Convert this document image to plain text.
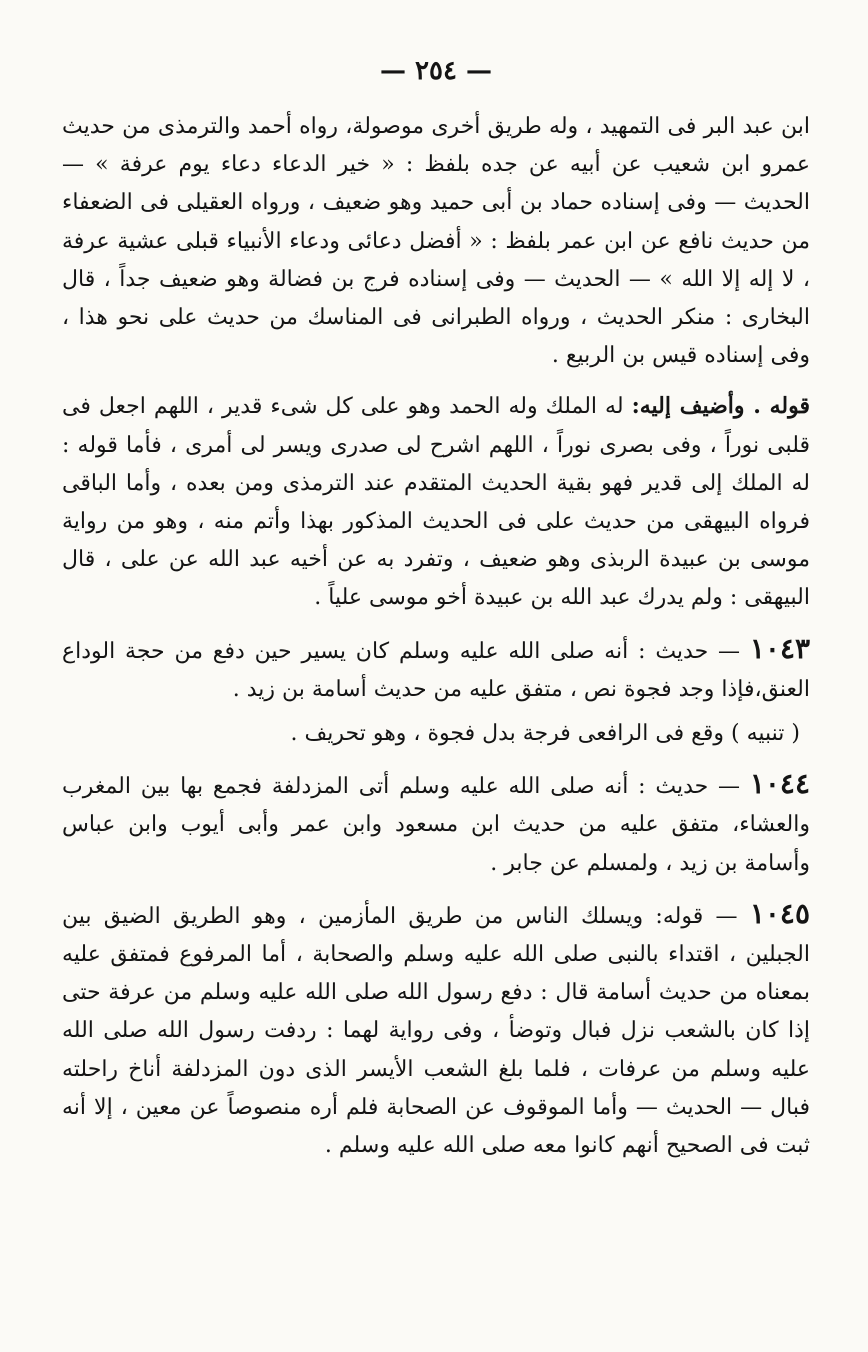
— ٢٥٤ —

ابن عبد البر فى التمهيد ، وله طريق أخرى موصولة، رواه أحمد والترمذى من حديث عمرو ابن شعيب عن أبيه عن جده بلفظ : « خير الدعاء دعاء يوم عرفة » — الحديث — وفى إسناده حماد بن أبى حميد وهو ضعيف ، ورواه العقيلى فى الضعفاء من حديث نافع عن ابن عمر بلفظ : « أفضل دعائى ودعاء الأنبياء قبلى عشية عرفة ، لا إله إلا الله » — الحديث — وفى إسناده فرج بن فضالة وهو ضعيف جداً ، قال البخارى : منكر الحديث ، ورواه الطبرانى فى المناسك من حديث على نحو هذا ، وفى إسناده قيس بن الربيع .

قوله . وأضيف إليه: له الملك وله الحمد وهو على كل شىء قدير ، اللهم اجعل فى قلبى نوراً ، وفى بصرى نوراً ، اللهم اشرح لى صدرى ويسر لى أمرى ، فأما قوله : له الملك إلى قدير فهو بقية الحديث المتقدم عند الترمذى ومن بعده ، وأما الباقى فرواه البيهقى من حديث على فى الحديث المذكور بهذا وأتم منه ، وهو من رواية موسى بن عبيدة الربذى وهو ضعيف ، وتفرد به عن أخيه عبد الله عن على ، قال البيهقى : ولم يدرك عبد الله بن عبيدة أخو موسى علياً .

١٠٤٣ — حديث : أنه صلى الله عليه وسلم كان يسير حين دفع من حجة الوداع العنق،فإذا وجد فجوة نص ، متفق عليه من حديث أسامة بن زيد .

( تنبيه ) وقع فى الرافعى فرجة بدل فجوة ، وهو تحريف .

١٠٤٤ — حديث : أنه صلى الله عليه وسلم أتى المزدلفة فجمع بها بين المغرب والعشاء، متفق عليه من حديث ابن مسعود وابن عمر وأبى أيوب وابن عباس وأسامة بن زيد ، ولمسلم عن جابر .

١٠٤٥ — قوله: ويسلك الناس من طريق المأزمين ، وهو الطريق الضيق بين الجبلين ، اقتداء بالنبى صلى الله عليه وسلم والصحابة ، أما المرفوع فمتفق عليه بمعناه من حديث أسامة قال : دفع رسول الله صلى الله عليه وسلم من عرفة حتى إذا كان بالشعب نزل فبال وتوضأ ، وفى رواية لهما : ردفت رسول الله صلى الله عليه وسلم من عرفات ، فلما بلغ الشعب الأيسر الذى دون المزدلفة أناخ راحلته فبال — الحديث — وأما الموقوف عن الصحابة فلم أره منصوصاً عن معين ، إلا أنه ثبت فى الصحيح أنهم كانوا معه صلى الله عليه وسلم .
